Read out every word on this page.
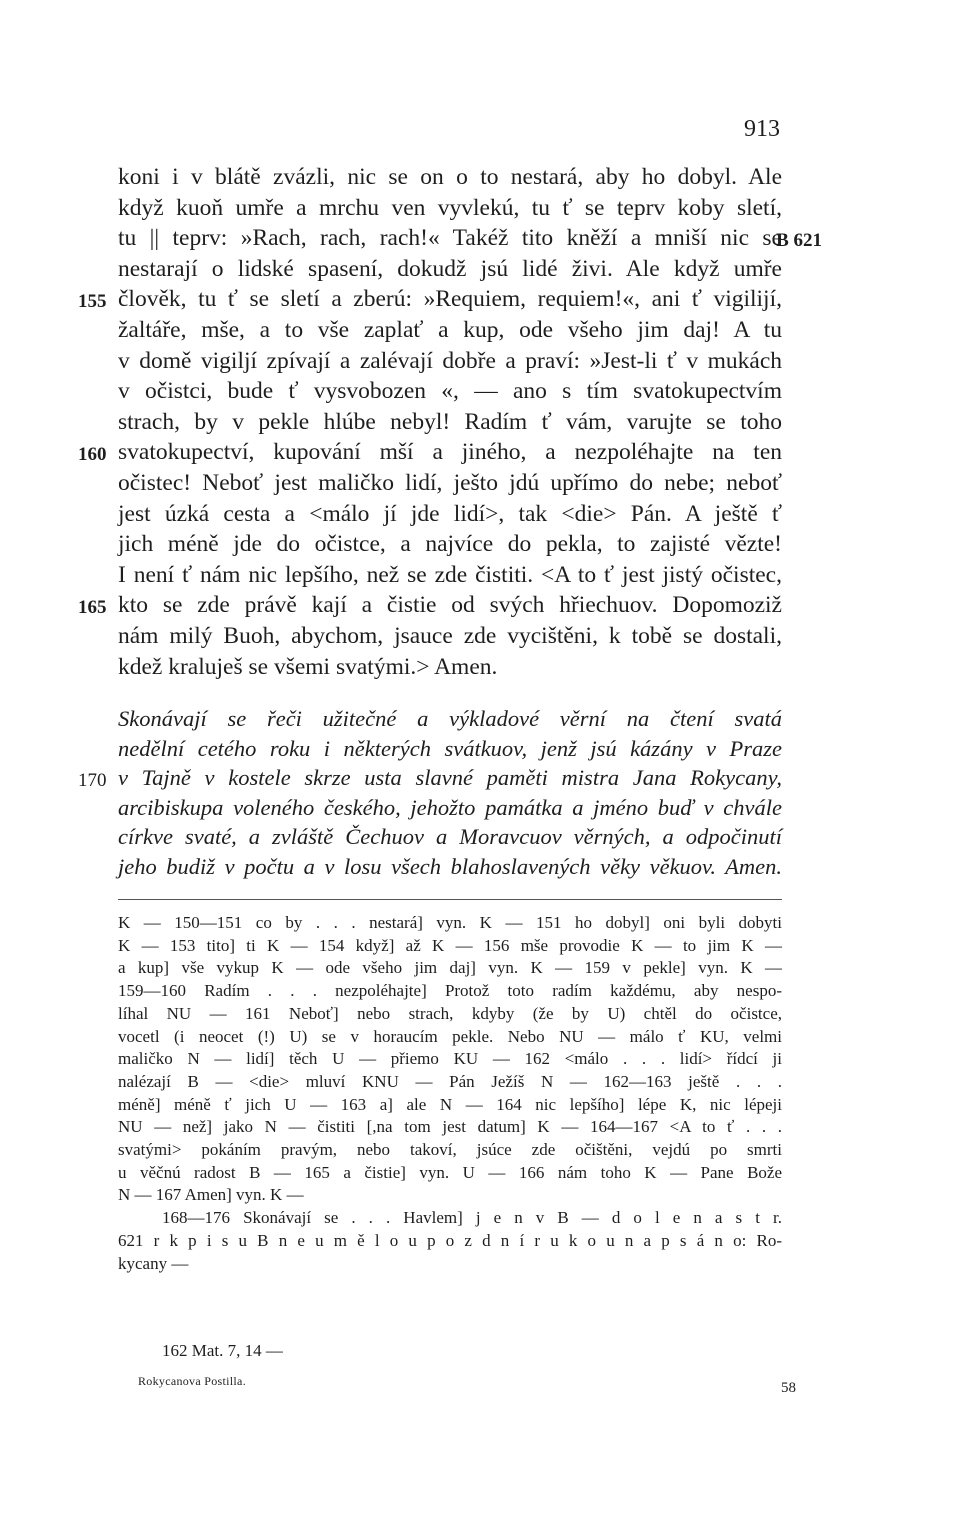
913
koni i v blátě zvázli, nic se on o to nestará, aby ho dobyl. Ale
když kuoň umře a mrchu ven vyvlekú, tu ť se teprv koby sletí,
tu || teprv: »Rach, rach, rach!« Takéž tito kněží a mniší nic se
nestarají o lidské spasení, dokudž jsú lidé živi. Ale když umře
člověk, tu ť se sletí a zberú: »Requiem, requiem!«, ani ť vigilijí,
žaltáře, mše, a to vše zaplať a kup, ode všeho jim daj! A tu
v domě vigiljí zpívají a zalévají dobře a praví: »Jest-li ť v mukách
v očistci, bude ť vysvobozen «, — ano s tím svatokupectvím
strach, by v pekle hlúbe nebyl! Radím ť vám, varujte se toho
svatokupectví, kupování mší a jiného, a nezpoléhajte na ten
očistec! Neboť jest maličko lidí, ješto jdú upřímo do nebe; neboť
jest úzká cesta a <málo jí jde lidí>, tak <die> Pán. A ještě ť
jich méně jde do očistce, a najvíce do pekla, to zajisté vězte!
I není ť nám nic lepšího, než se zde čistiti. <A to ť jest jistý očistec,
kto se zde právě kají a čistie od svých hřiechuov. Dopomoziž
nám milý Buoh, abychom, jsauce zde vycištěni, k tobě se dostali,
kdež kraluješ se všemi svatými.> Amen.
B 621
155
160
165
Skonávají se řeči užitečné a výkladové věrní na čtení svatá
nedělní cetého roku i některých svátkuov, jenž jsú kázány v Praze
v Tajně v kostele skrze usta slavné paměti mistra Jana Rokycany,
arcibiskupa voleného českého, jehožto památka a jméno buď v chvále
církve svaté, a zvláště Čechuov a Moravcuov věrných, a odpočinutí
jeho budiž v počtu a v losu všech blahoslavených věky věkuov. Amen.
170
K — 150—151 co by . . . nestará] vyn. K — 151 ho dobyl] oni byli dobyti
K — 153 tito] ti K — 154 když] až K — 156 mše provodie K — to jim K —
a kup] vše vykup K — ode všeho jim daj] vyn. K — 159 v pekle] vyn. K —
159—160 Radím . . . nezpoléhajte] Protož toto radím každému, aby nespo-
líhal NU — 161 Neboť] nebo strach, kdyby (že by U) chtěl do očistce,
vocetl (i neocet (!) U) se v horaucím pekle. Nebo NU — málo ť KU, velmi
maličko N — lidí] těch U — přiemo KU — 162 <málo . . . lidí> řídcí ji
nalézají B — <die> mluví KNU — Pán Ježíš N — 162—163 ještě . . .
méně] méně ť jich U — 163 a] ale N — 164 nic lepšího] lépe K, nic lépeji
NU — než] jako N — čistiti [,na tom jest datum] K — 164—167 <A to ť . . .
svatými> pokáním pravým, nebo takoví, jsúce zde očištěni, vejdú po smrti
u věčnú radost B — 165 a čistie] vyn. U — 166 nám toho K — Pane Bože
N — 167 Amen] vyn. K —
168—176 Skonávají se . . . Havlem] j e n v B — d o l e n a s t r.
621 r k p i s u B n e u m ě l o u p o z d n í r u k o u n a p s á n o: Ro-
kycany —
162 Mat. 7, 14 —
Rokycanova Postilla.	58
